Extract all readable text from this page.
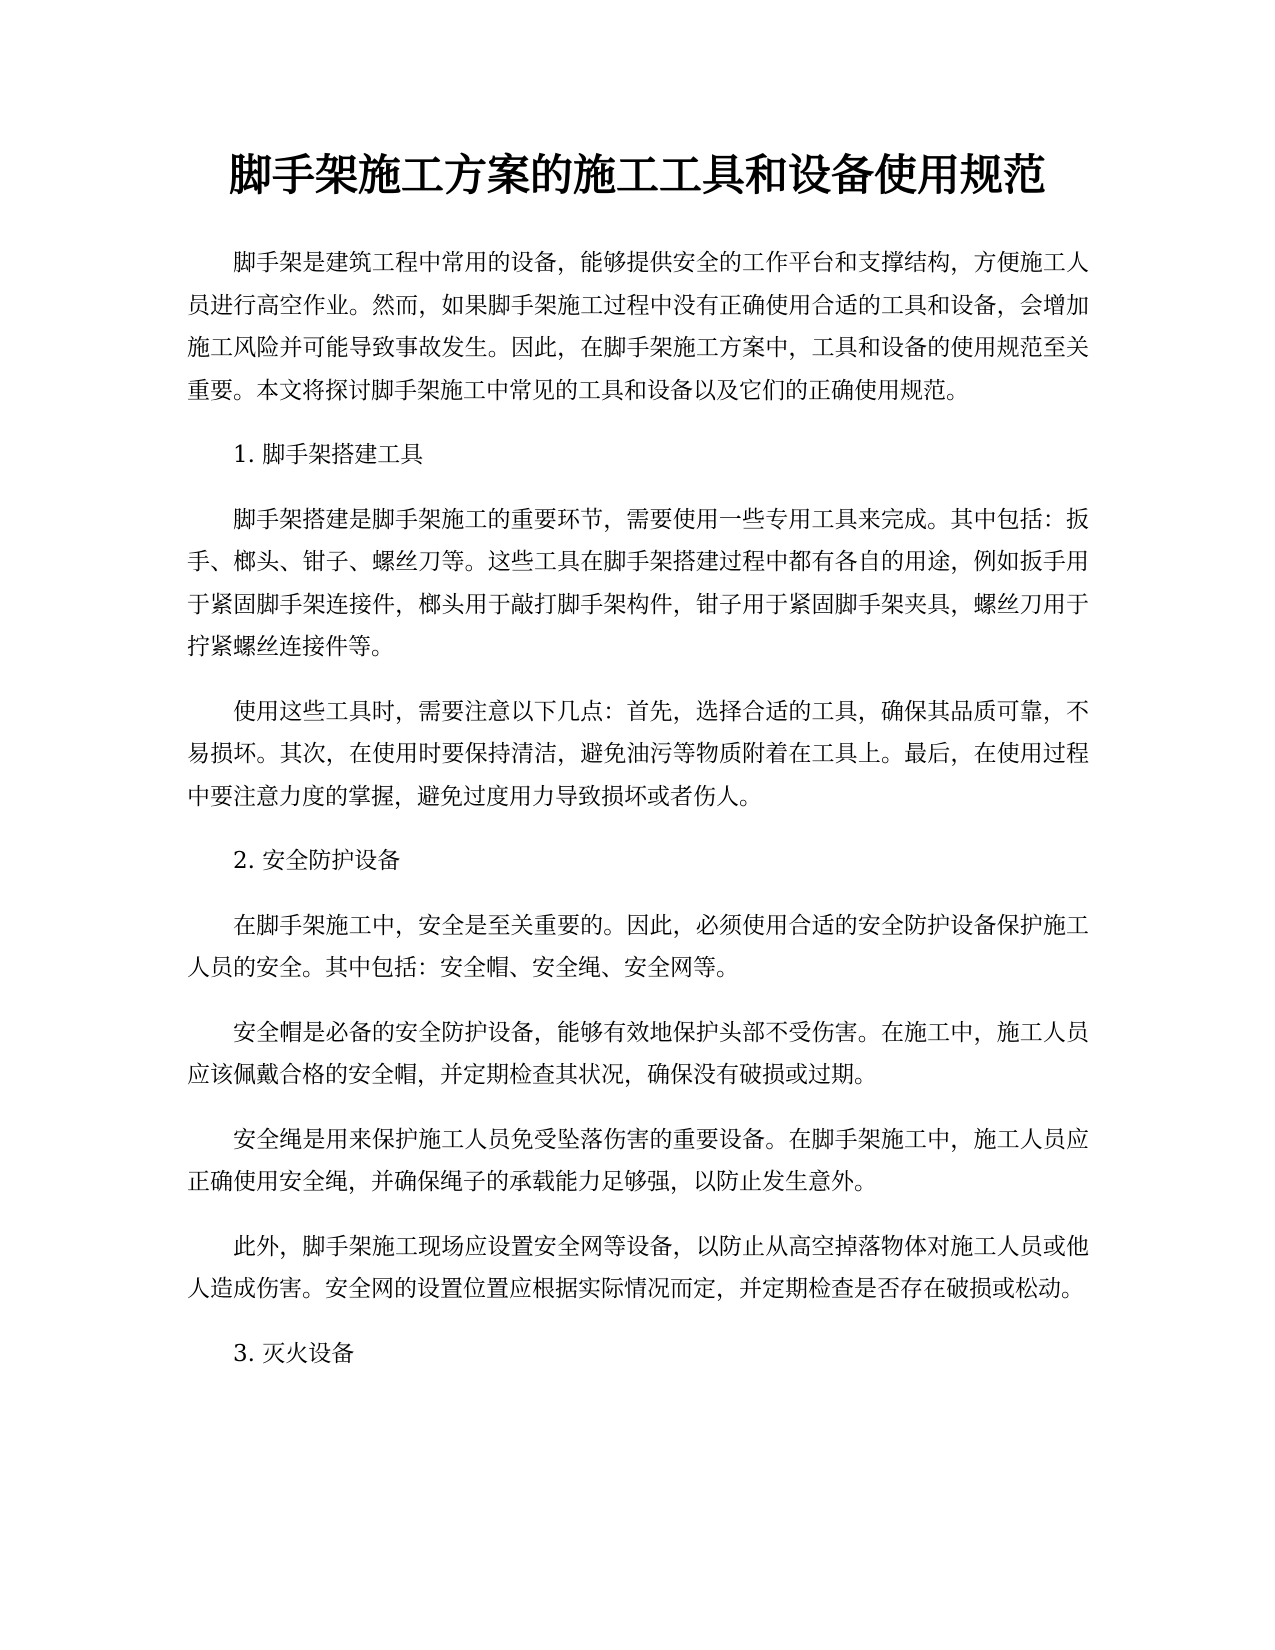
脚手架施工方案的施工工具和设备使用规范

脚手架是建筑工程中常用的设备，能够提供安全的工作平台和支撑结构，方便施工人员进行高空作业。然而，如果脚手架施工过程中没有正确使用合适的工具和设备，会增加施工风险并可能导致事故发生。因此，在脚手架施工方案中，工具和设备的使用规范至关重要。本文将探讨脚手架施工中常见的工具和设备以及它们的正确使用规范。

1. 脚手架搭建工具

脚手架搭建是脚手架施工的重要环节，需要使用一些专用工具来完成。其中包括：扳手、榔头、钳子、螺丝刀等。这些工具在脚手架搭建过程中都有各自的用途，例如扳手用于紧固脚手架连接件，榔头用于敲打脚手架构件，钳子用于紧固脚手架夹具，螺丝刀用于拧紧螺丝连接件等。

使用这些工具时，需要注意以下几点：首先，选择合适的工具，确保其品质可靠，不易损坏。其次，在使用时要保持清洁，避免油污等物质附着在工具上。最后，在使用过程中要注意力度的掌握，避免过度用力导致损坏或者伤人。

2. 安全防护设备

在脚手架施工中，安全是至关重要的。因此，必须使用合适的安全防护设备保护施工人员的安全。其中包括：安全帽、安全绳、安全网等。

安全帽是必备的安全防护设备，能够有效地保护头部不受伤害。在施工中，施工人员应该佩戴合格的安全帽，并定期检查其状况，确保没有破损或过期。

安全绳是用来保护施工人员免受坠落伤害的重要设备。在脚手架施工中，施工人员应正确使用安全绳，并确保绳子的承载能力足够强，以防止发生意外。

此外，脚手架施工现场应设置安全网等设备，以防止从高空掉落物体对施工人员或他人造成伤害。安全网的设置位置应根据实际情况而定，并定期检查是否存在破损或松动。

3. 灭火设备
